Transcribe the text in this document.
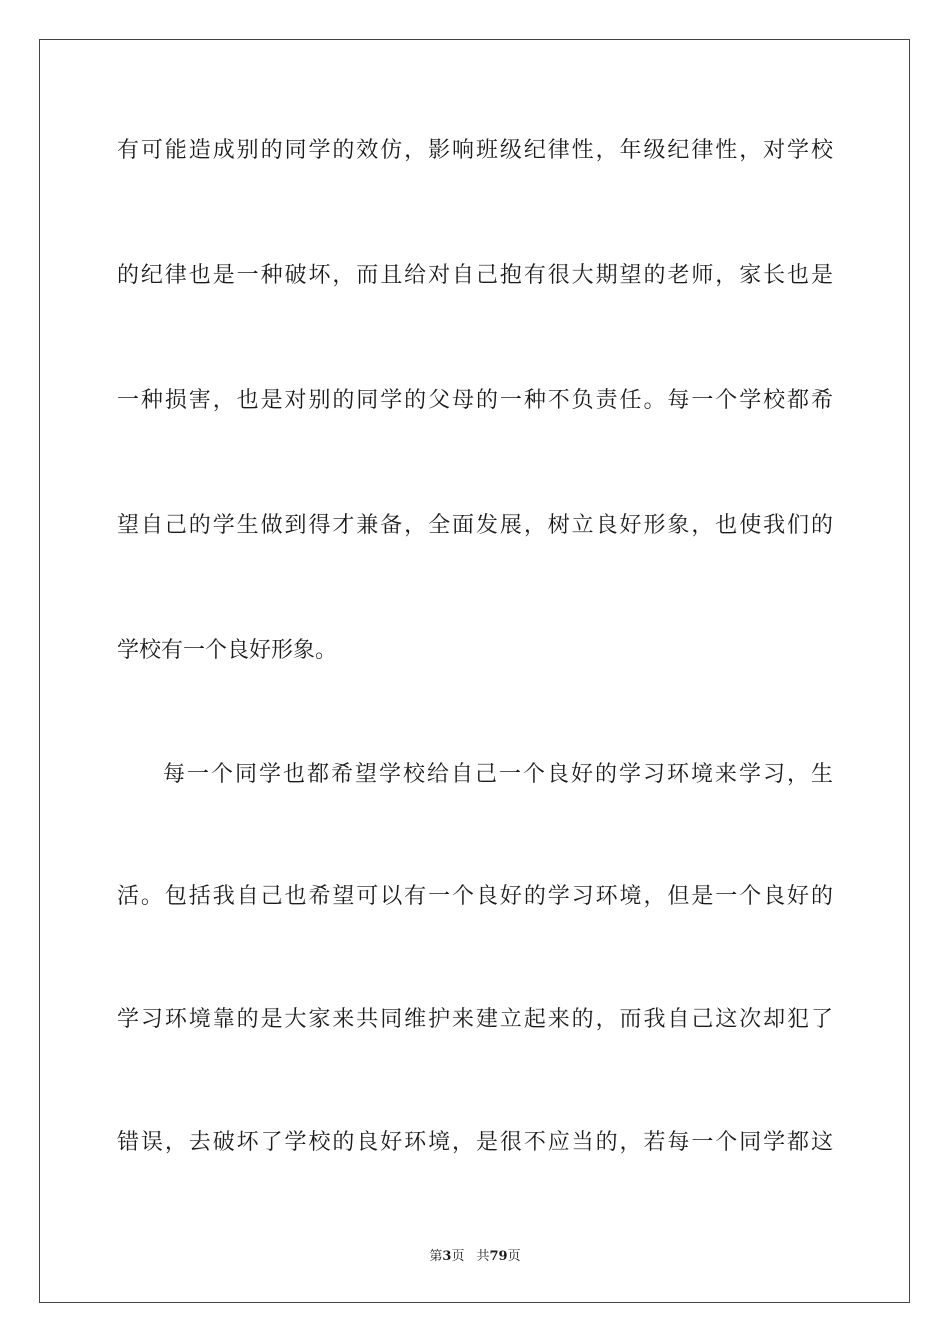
有可能造成别的同学的效仿，影响班级纪律性，年级纪律性，对学校
的纪律也是一种破坏，而且给对自己抱有很大期望的老师，家长也是
一种损害，也是对别的同学的父母的一种不负责任。每一个学校都希
望自己的学生做到得才兼备，全面发展，树立良好形象，也使我们的
学校有一个良好形象。
每一个同学也都希望学校给自己一个良好的学习环境来学习，生
活。包括我自己也希望可以有一个良好的学习环境，但是一个良好的
学习环境靠的是大家来共同维护来建立起来的，而我自己这次却犯了
错误，去破坏了学校的良好环境，是很不应当的，若每一个同学都这
第3页 共79页
